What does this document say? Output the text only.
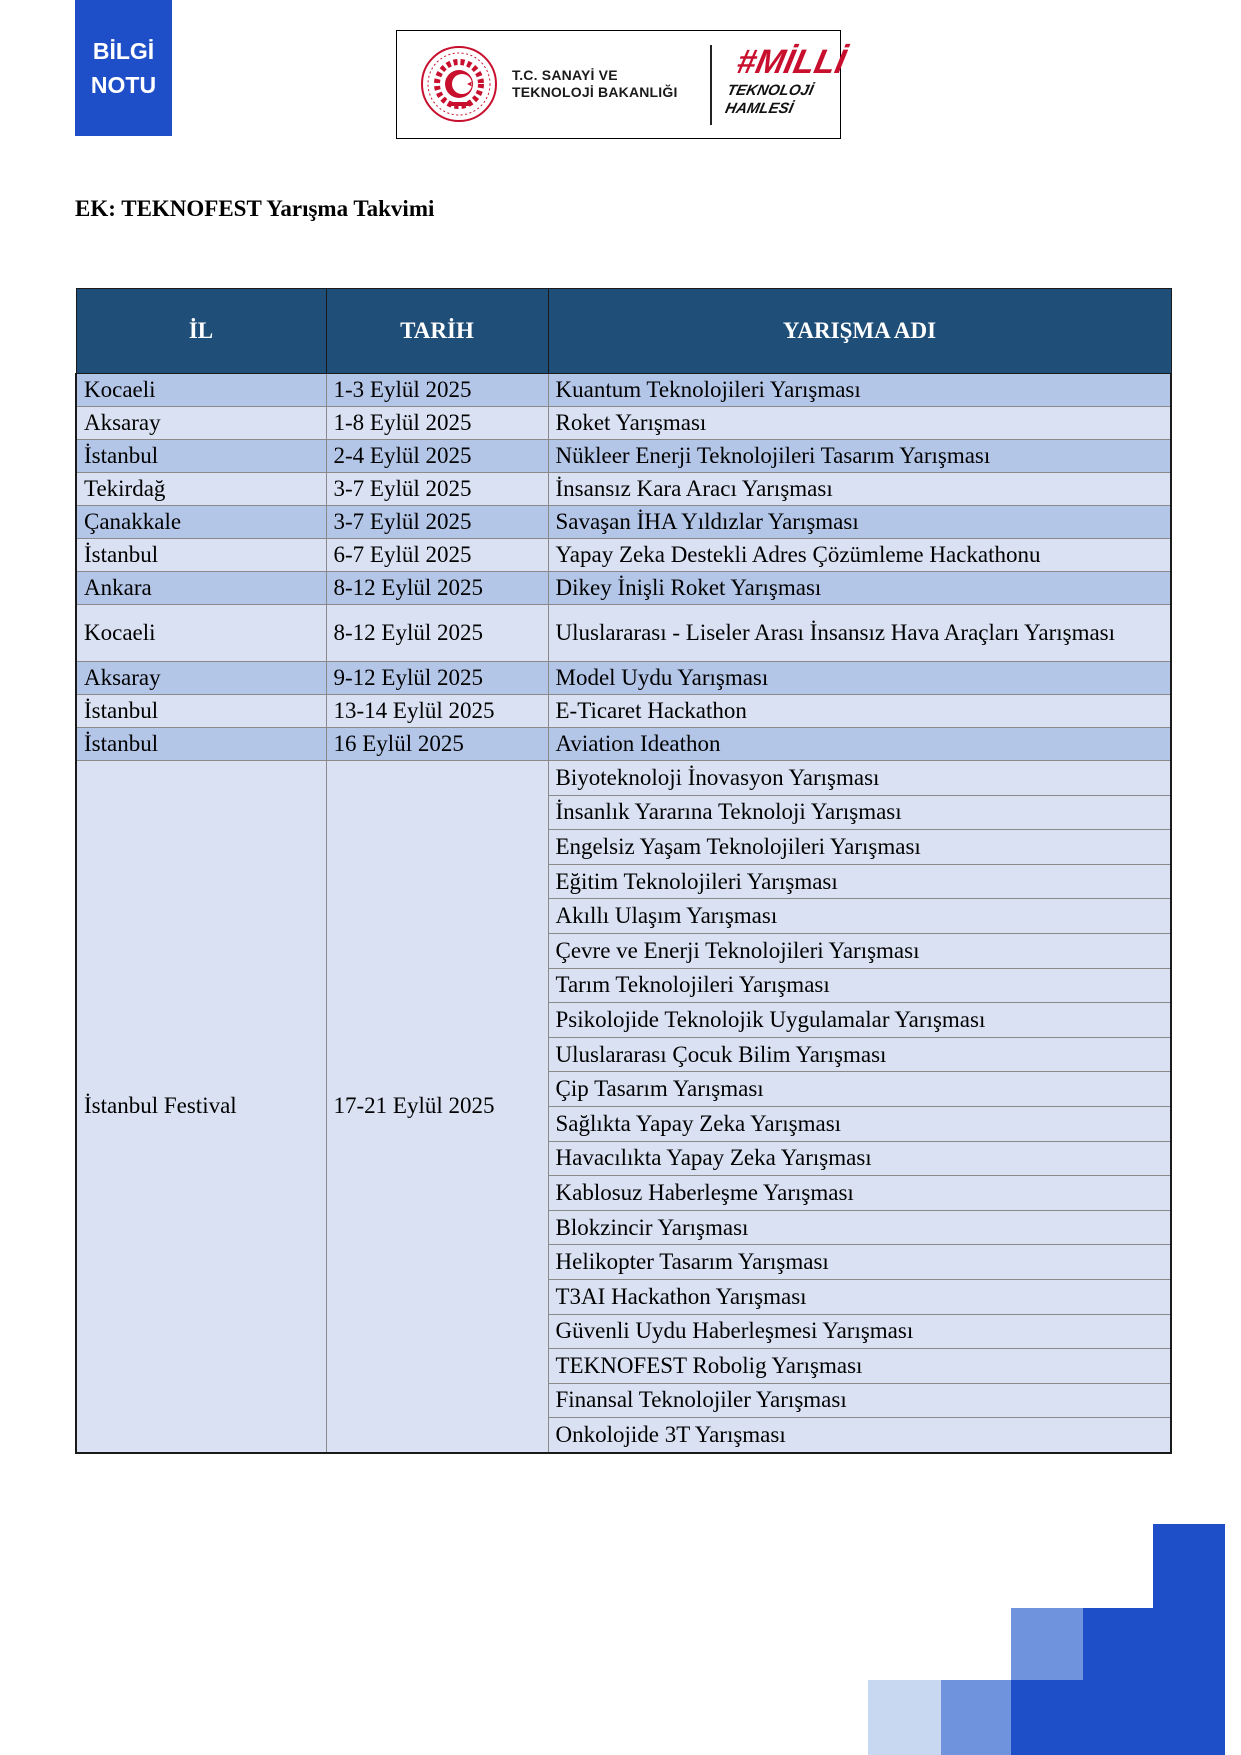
BİLGİ
NOTU	T.C. SANAYİ VE
TEKNOLOJİ BAKANLIĞI
#MİLLİ
TEKNOLOJİ
HAMLESİ
EK: TEKNOFEST Yarışma Takvimi
İL	TARİH	YARIŞMA ADI
Kocaeli	1-3 Eylül 2025	Kuantum Teknolojileri Yarışması
Aksaray	1-8 Eylül 2025	Roket Yarışması
İstanbul	2-4 Eylül 2025	Nükleer Enerji Teknolojileri Tasarım Yarışması
Tekirdağ	3-7 Eylül 2025	İnsansız Kara Aracı Yarışması
Çanakkale	3-7 Eylül 2025	Savaşan İHA Yıldızlar Yarışması
İstanbul	6-7 Eylül 2025	Yapay Zeka Destekli Adres Çözümleme Hackathonu
Ankara	8-12 Eylül 2025	Dikey İnişli Roket Yarışması
Kocaeli	8-12 Eylül 2025	Uluslararası - Liseler Arası İnsansız Hava Araçları Yarışması
Aksaray	9-12 Eylül 2025	Model Uydu Yarışması
İstanbul	13-14 Eylül 2025	E-Ticaret Hackathon
İstanbul	16 Eylül 2025	Aviation Ideathon
İstanbul Festival	17-21 Eylül 2025	Biyoteknoloji İnovasyon Yarışması
		İnsanlık Yararına Teknoloji Yarışması
		Engelsiz Yaşam Teknolojileri Yarışması
		Eğitim Teknolojileri Yarışması
		Akıllı Ulaşım Yarışması
		Çevre ve Enerji Teknolojileri Yarışması
		Tarım Teknolojileri Yarışması
		Psikolojide Teknolojik Uygulamalar Yarışması
		Uluslararası Çocuk Bilim Yarışması
		Çip Tasarım Yarışması
		Sağlıkta Yapay Zeka Yarışması
		Havacılıkta Yapay Zeka Yarışması
		Kablosuz Haberleşme Yarışması
		Blokzincir Yarışması
		Helikopter Tasarım Yarışması
		T3AI Hackathon Yarışması
		Güvenli Uydu Haberleşmesi Yarışması
		TEKNOFEST Robolig Yarışması
		Finansal Teknolojiler Yarışması
		Onkolojide 3T Yarışması
